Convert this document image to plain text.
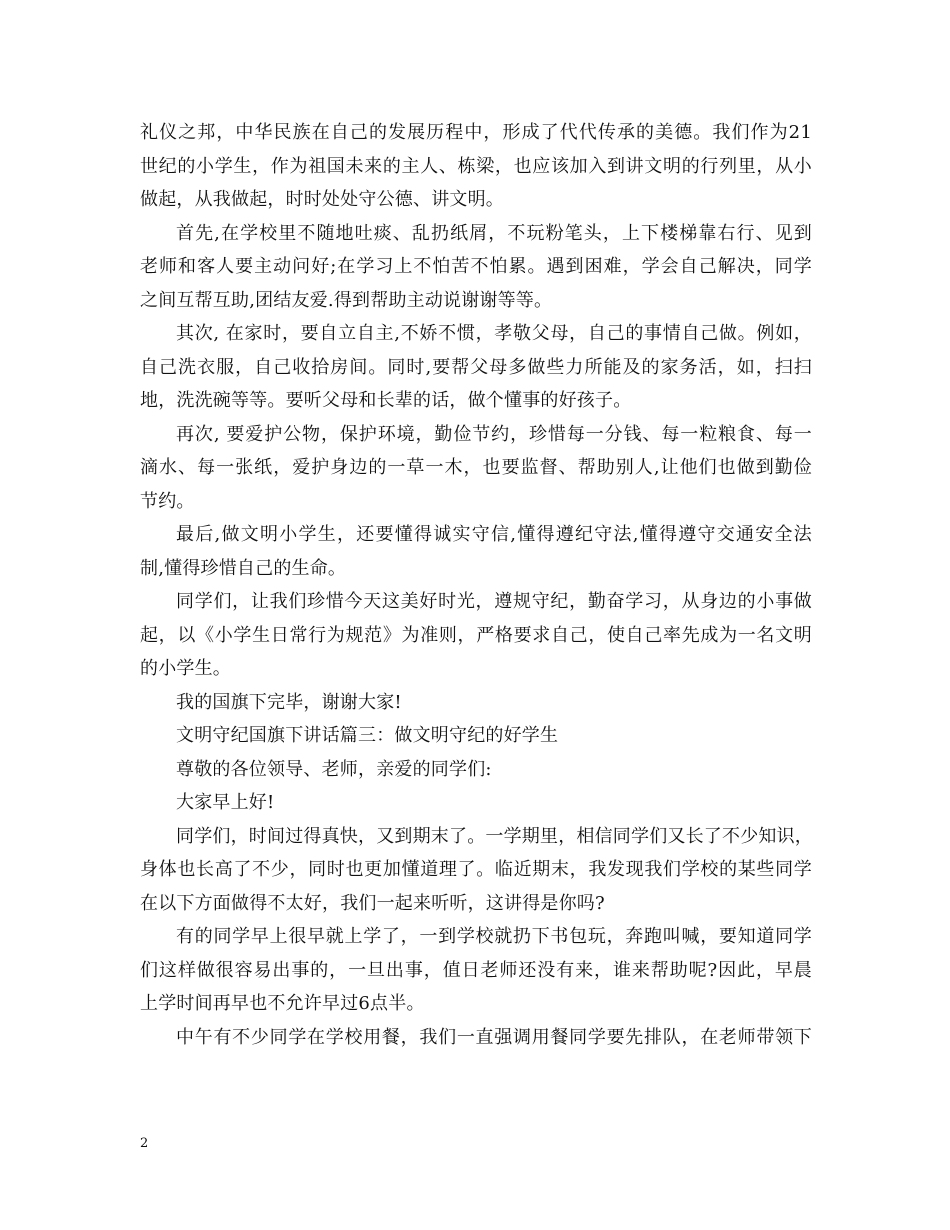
礼仪之邦，中华民族在自己的发展历程中，形成了代代传承的美德。我们作为21
世纪的小学生，作为祖国未来的主人、栋梁，也应该加入到讲文明的行列里，从小
做起，从我做起，时时处处守公德、讲文明。
首先,在学校里不随地吐痰、乱扔纸屑，不玩粉笔头，上下楼梯靠右行、见到
老师和客人要主动问好;在学习上不怕苦不怕累。遇到困难，学会自己解决，同学
之间互帮互助,团结友爱.得到帮助主动说谢谢等等。
其次, 在家时，要自立自主,不娇不惯，孝敬父母，自己的事情自己做。例如，
自己洗衣服，自己收拾房间。同时,要帮父母多做些力所能及的家务活，如，扫扫
地，洗洗碗等等。要听父母和长辈的话，做个懂事的好孩子。
再次, 要爱护公物，保护环境，勤俭节约，珍惜每一分钱、每一粒粮食、每一
滴水、每一张纸，爱护身边的一草一木，也要监督、帮助别人,让他们也做到勤俭
节约。
最后,做文明小学生，还要懂得诚实守信,懂得遵纪守法,懂得遵守交通安全法
制,懂得珍惜自己的生命。
同学们，让我们珍惜今天这美好时光，遵规守纪，勤奋学习，从身边的小事做
起，以《小学生日常行为规范》为准则，严格要求自己，使自己率先成为一名文明
的小学生。
我的国旗下完毕，谢谢大家!
文明守纪国旗下讲话篇三：做文明守纪的好学生
尊敬的各位领导、老师，亲爱的同学们:
大家早上好!
同学们，时间过得真快，又到期末了。一学期里，相信同学们又长了不少知识，
身体也长高了不少，同时也更加懂道理了。临近期末，我发现我们学校的某些同学
在以下方面做得不太好，我们一起来听听，这讲得是你吗?
有的同学早上很早就上学了，一到学校就扔下书包玩，奔跑叫喊，要知道同学
们这样做很容易出事的，一旦出事，值日老师还没有来，谁来帮助呢?因此，早晨
上学时间再早也不允许早过6点半。
中午有不少同学在学校用餐，我们一直强调用餐同学要先排队，在老师带领下
2
